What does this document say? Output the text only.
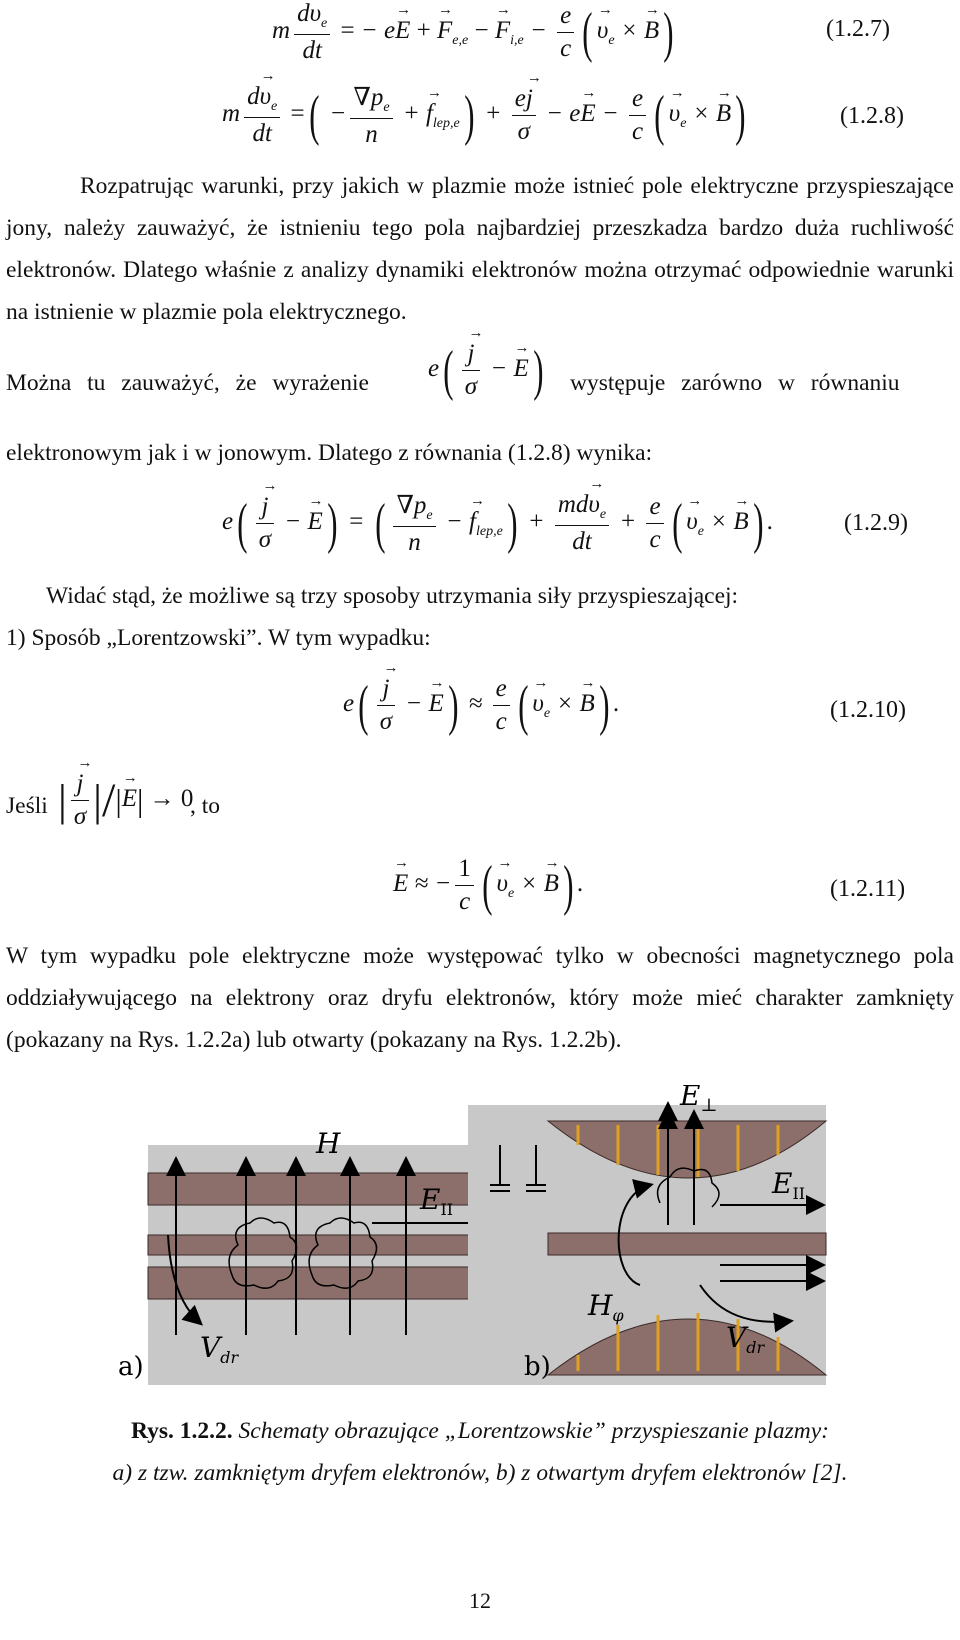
m $\frac{d\to \upsilon_e}{dt}$ = − e→ E + → $F_{e,e}$ − → $F_{i,e} - \frac{e}{c}$ (→ $\upsilon_e$ × → B)	(1.2.7)
m $\frac{d\to \upsilon_e}{dt}$ =( − $\frac{\nabla p_e}{n}$ + → $f_{lep,e}) + \frac{e\to j}{\sigma} - e\to E - \frac{e}{c}$ (→ $\upsilon_e$ × → B)	(1.2.8)
Rozpatrując warunki, przy jakich w plazmie może istnieć pole elektryczne przyspieszające jony, należy zauważyć, że istnieniu tego pola najbardziej przeszkadza bardzo duża ruchliwość elektronów. Dlatego właśnie z analizy dynamiki elektronów można otrzymać odpowiednie warunki na istnienie w plazmie pola elektrycznego.
Można tu zauważyć, że wyrażenie
e(
→ $\frac{j}{\sigma}$ − → E) występuje zarówno w równaniu
elektronowym jak i w jonowym. Dlatego z równania (1.2.8) wynika:
e(
→ $\frac{j}{\sigma}$ − → E) = ( $\frac{\nabla p_e}{n}$ − → $f_{lep,e}) + \frac{md\to \upsilon_e}{dt} + \frac{e}{c}$ (→ $\upsilon_e$ × → B) .	(1.2.9)
Widać stąd, że możliwe są trzy sposoby utrzymania siły przyspieszającej:
1) Sposób „Lorentzowski”. W tym wypadku:
e(
→ $\frac{j}{\sigma}$ − → $E) \approx \frac{e}{c}$ (→ $\upsilon_e$ × → B) .	(1.2.10)
Jeśli |
→ $\frac{j}{\sigma}$ |/|→ E| → 0
, to
→ E ≈ − $\frac{1}{c}$ (→ $\upsilon_e$ × → B) .	(1.2.11)
W tym wypadku pole elektryczne może występować tylko w obecności magnetycznego pola oddziaływującego na elektrony oraz dryfu elektronów, który może mieć charakter zamknięty (pokazany na Rys. 1.2.2a) lub otwarty (pokazany na Rys. 1.2.2b).
H
$E_{II}$
$V_{dr}$
a)
$E_\perp$
$E_{II}$
$H_\varphi$
$V_{dr}$
b)
Rys. 1.2.2. Schematy obrazujące „Lorentzowskie” przyspieszanie plazmy:
a) z tzw. zamkniętym dryfem elektronów, b) z otwartym dryfem elektronów [2].
12
